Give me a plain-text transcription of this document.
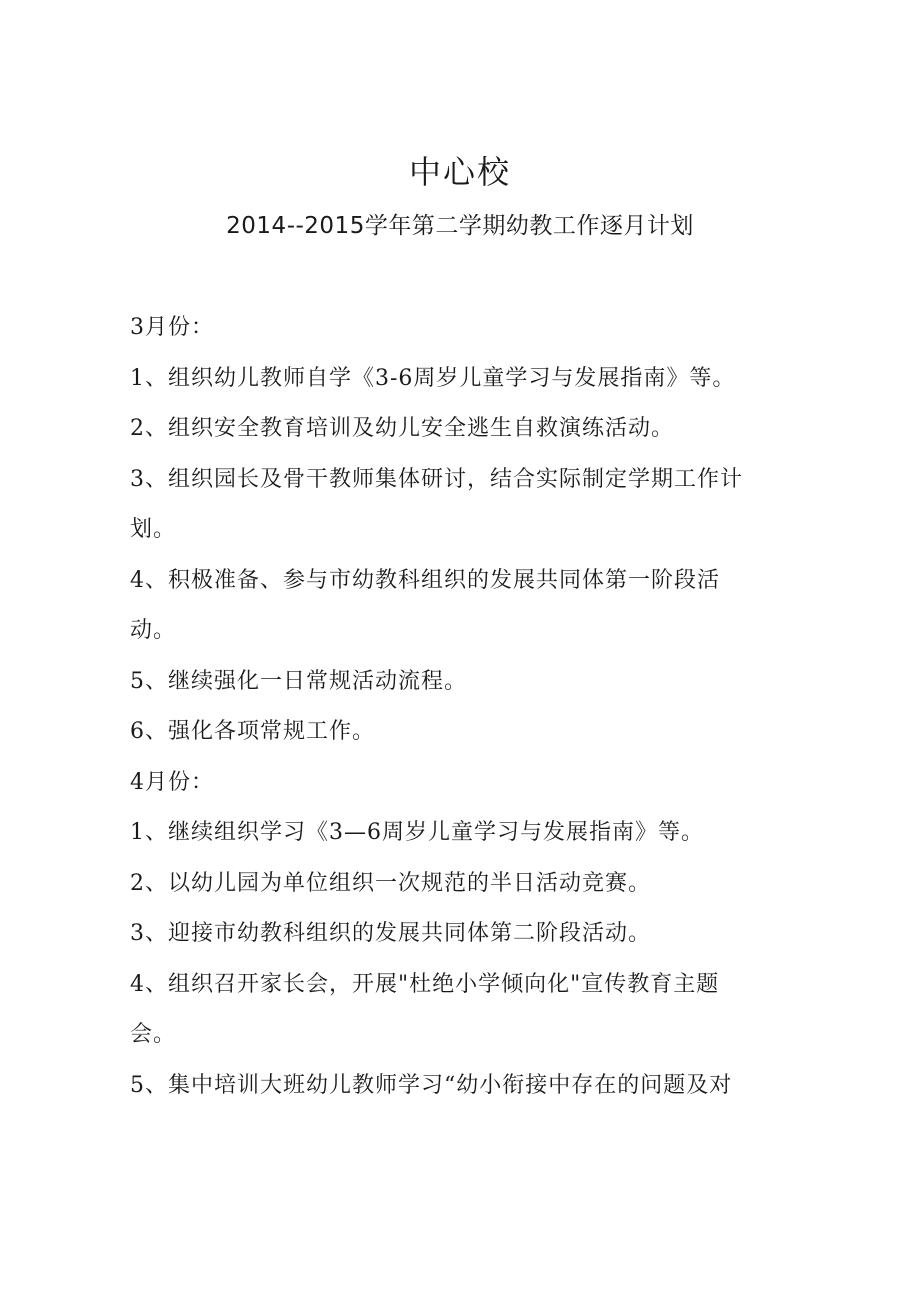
中心校
2014--2015学年第二学期幼教工作逐月计划
3月份：
1、组织幼儿教师自学《3-6周岁儿童学习与发展指南》等。
2、组织安全教育培训及幼儿安全逃生自救演练活动。
3、组织园长及骨干教师集体研讨，结合实际制定学期工作计
划。
4、积极准备、参与市幼教科组织的发展共同体第一阶段活
动。
5、继续强化一日常规活动流程。
6、强化各项常规工作。
4月份：
1、继续组织学习《3—6周岁儿童学习与发展指南》等。
2、以幼儿园为单位组织一次规范的半日活动竞赛。
3、迎接市幼教科组织的发展共同体第二阶段活动。
4、组织召开家长会，开展"杜绝小学倾向化"宣传教育主题
会。
5、集中培训大班幼儿教师学习“幼小衔接中存在的问题及对
